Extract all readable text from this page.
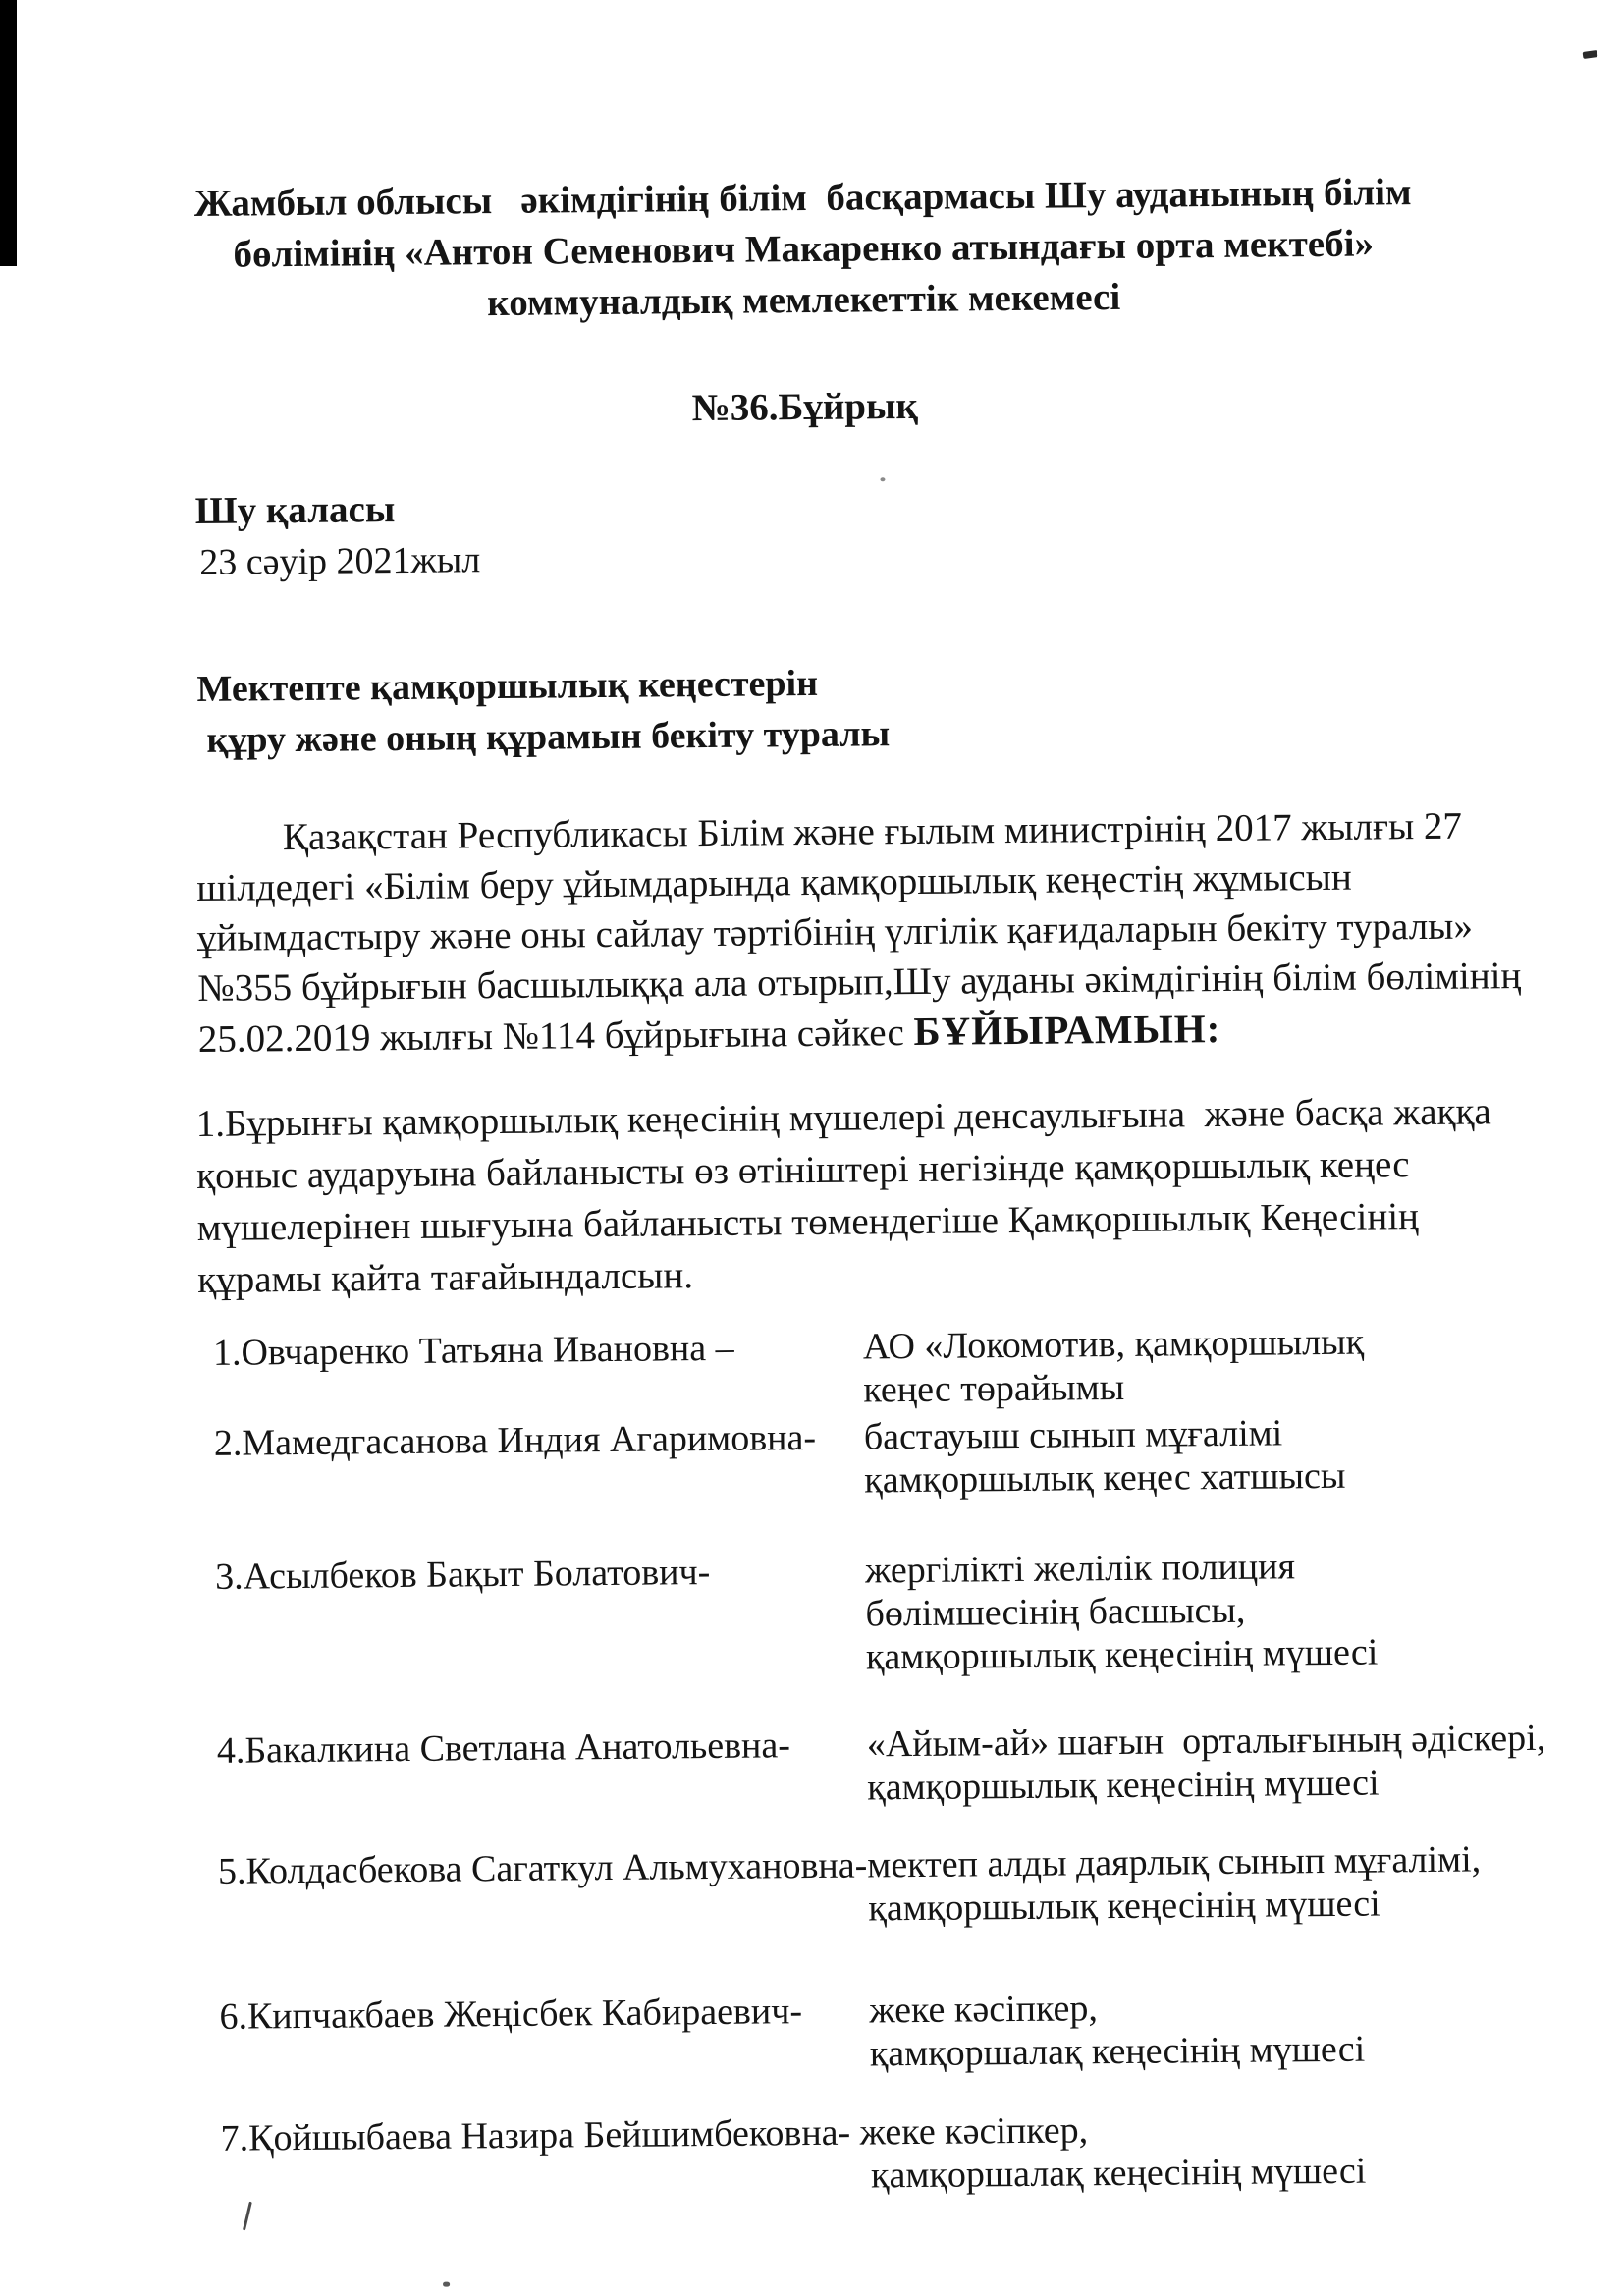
Жамбыл облысы   әкімдігінің білім  басқармасы Шу ауданының білім
бөлімінің «Антон Семенович Макаренко атындағы орта мектебі»
коммуналдық мемлекеттік мекемесі
№36.Бұйрық
Шу қаласы
23 сәуір 2021жыл
Мектепте қамқоршылық кеңестерін
құру және оның құрамын бекіту туралы
Қазақстан Республикасы Білім және ғылым министрінің 2017 жылғы 27
шілдедегі «Білім беру ұйымдарында қамқоршылық кеңестің жұмысын
ұйымдастыру және оны сайлау тәртібінің үлгілік қағидаларын бекіту туралы»
№355 бұйрығын басшылыққа ала отырып,Шу ауданы әкімдігінің білім бөлімінің
25.02.2019 жылғы №114 бұйрығына сәйкес БҰЙЫРАМЫН:
1.Бұрынғы қамқоршылық кеңесінің мүшелері денсаулығына  және басқа жаққа
қоныс аударуына байланысты өз өтініштері негізінде қамқоршылық кеңес
мүшелерінен шығуына байланысты төмендегіше Қамқоршылық Кеңесінің
құрамы қайта тағайындалсын.
1.Овчаренко Татьяна Ивановна –	АО «Локомотив, қамқоршылық
кеңес төрайымы
2.Мамедгасанова Индия Агаримовна-	бастауыш сынып мұғалімі
қамқоршылық кеңес хатшысы
3.Асылбеков Бақыт Болатович-	жергілікті желілік полиция
бөлімшесінің басшысы,
қамқоршылық кеңесінің мүшесі
4.Бакалкина Светлана Анатольевна-	«Айым-ай» шағын  орталығының әдіскері,
қамқоршылық кеңесінің мүшесі
5.Колдасбекова Сагаткул Альмухановна-мектеп алды даярлық сынып мұғалімі,
қамқоршылық кеңесінің мүшесі
6.Кипчакбаев Жеңісбек Кабираевич-	жеке кәсіпкер,
қамқоршалақ кеңесінің мүшесі
7.Қойшыбаева Назира Бейшимбековна- жеке кәсіпкер,
қамқоршалақ кеңесінің мүшесі
